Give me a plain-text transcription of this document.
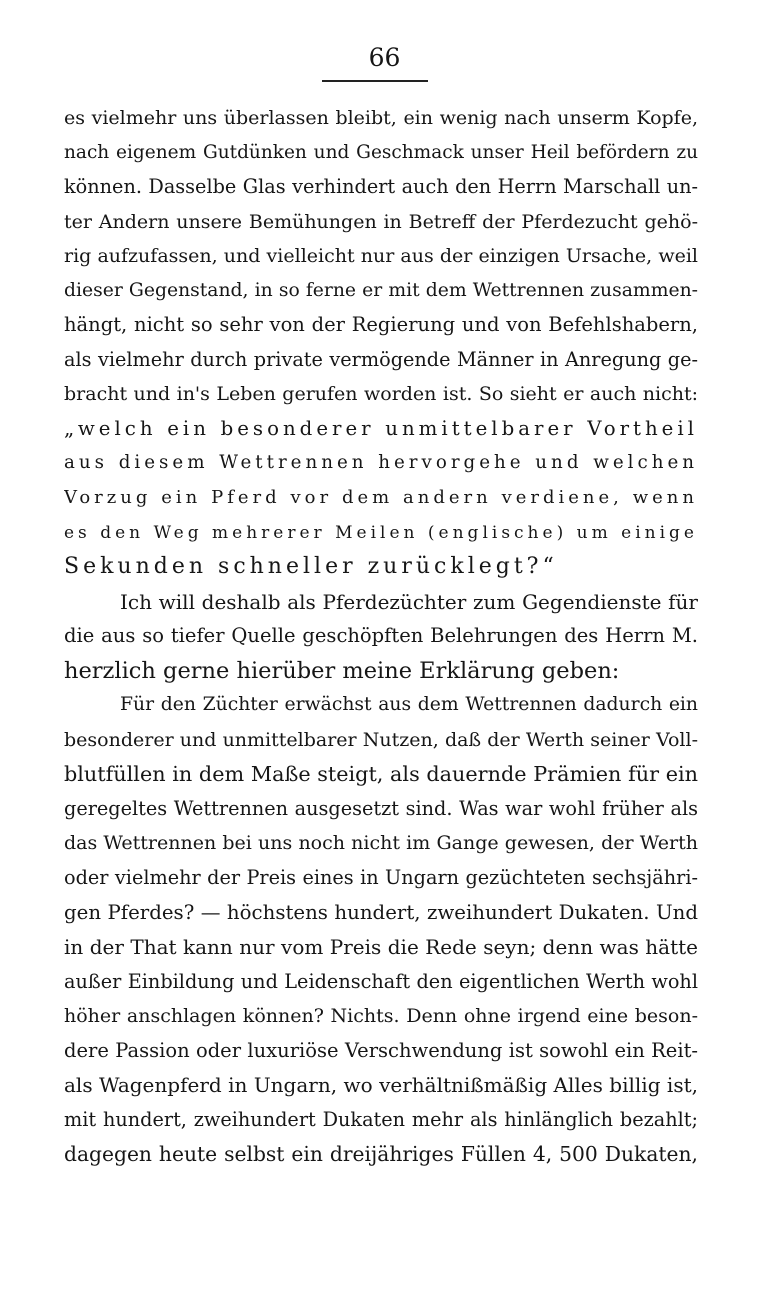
66
es vielmehr uns überlassen bleibt, ein wenig nach unserm Kopfe,
nach eigenem Gutdünken und Geschmack unser Heil befördern zu
können. Dasselbe Glas verhindert auch den Herrn Marschall un-
ter Andern unsere Bemühungen in Betreff der Pferdezucht gehö-
rig aufzufassen, und vielleicht nur aus der einzigen Ursache, weil
dieser Gegenstand, in so ferne er mit dem Wettrennen zusammen-
hängt, nicht so sehr von der Regierung und von Befehlshabern,
als vielmehr durch private vermögende Männer in Anregung ge-
bracht und in's Leben gerufen worden ist. So sieht er auch nicht:
„welch ein besonderer unmittelbarer Vortheil
aus diesem Wettrennen hervorgehe und welchen
Vorzug ein Pferd vor dem andern verdiene, wenn
es den Weg mehrerer Meilen (englische) um einige
Sekunden schneller zurücklegt?“
Ich will deshalb als Pferdezüchter zum Gegendienste für
die aus so tiefer Quelle geschöpften Belehrungen des Herrn M.
herzlich gerne hierüber meine Erklärung geben:
Für den Züchter erwächst aus dem Wettrennen dadurch ein
besonderer und unmittelbarer Nutzen, daß der Werth seiner Voll-
blutfüllen in dem Maße steigt, als dauernde Prämien für ein
geregeltes Wettrennen ausgesetzt sind. Was war wohl früher als
das Wettrennen bei uns noch nicht im Gange gewesen, der Werth
oder vielmehr der Preis eines in Ungarn gezüchteten sechsjähri-
gen Pferdes? — höchstens hundert, zweihundert Dukaten. Und
in der That kann nur vom Preis die Rede seyn; denn was hätte
außer Einbildung und Leidenschaft den eigentlichen Werth wohl
höher anschlagen können? Nichts. Denn ohne irgend eine beson-
dere Passion oder luxuriöse Verschwendung ist sowohl ein Reit-
als Wagenpferd in Ungarn, wo verhältnißmäßig Alles billig ist,
mit hundert, zweihundert Dukaten mehr als hinlänglich bezahlt;
dagegen heute selbst ein dreijähriges Füllen 4, 500 Dukaten,
